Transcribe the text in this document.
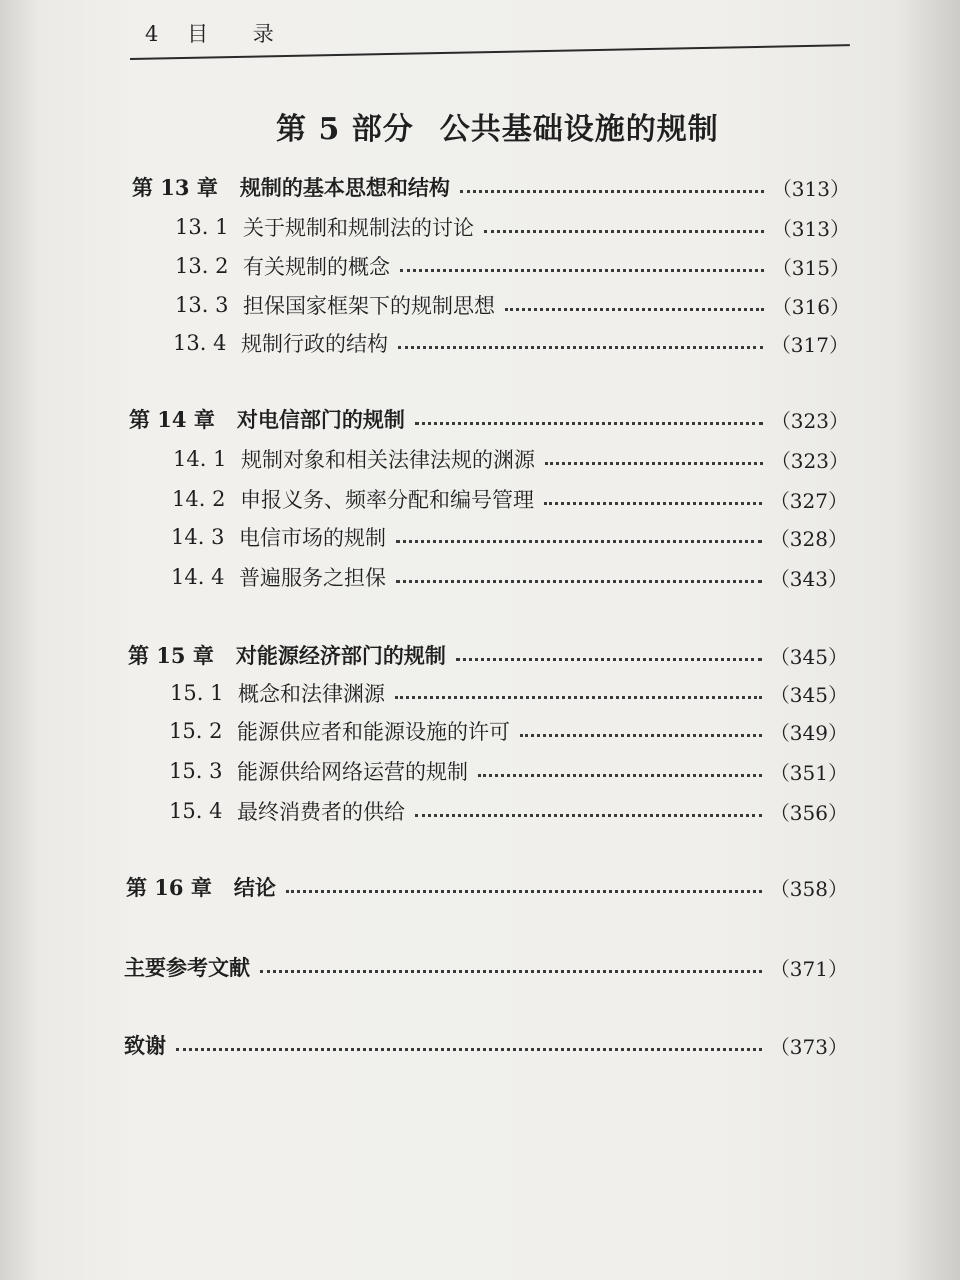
4 目 录
第 5 部分 公共基础设施的规制
第 13 章 规制的基本思想和结构	（313）
13. 1 关于规制和规制法的讨论	（313）
13. 2 有关规制的概念	（315）
13. 3 担保国家框架下的规制思想	（316）
13. 4 规制行政的结构	（317）
第 14 章 对电信部门的规制	（323）
14. 1 规制对象和相关法律法规的渊源	（323）
14. 2 申报义务、频率分配和编号管理	（327）
14. 3 电信市场的规制	（328）
14. 4 普遍服务之担保	（343）
第 15 章 对能源经济部门的规制	（345）
15. 1 概念和法律渊源	（345）
15. 2 能源供应者和能源设施的许可	（349）
15. 3 能源供给网络运营的规制	（351）
15. 4 最终消费者的供给	（356）
第 16 章 结论	（358）
主要参考文献	（371）
致谢	（373）
